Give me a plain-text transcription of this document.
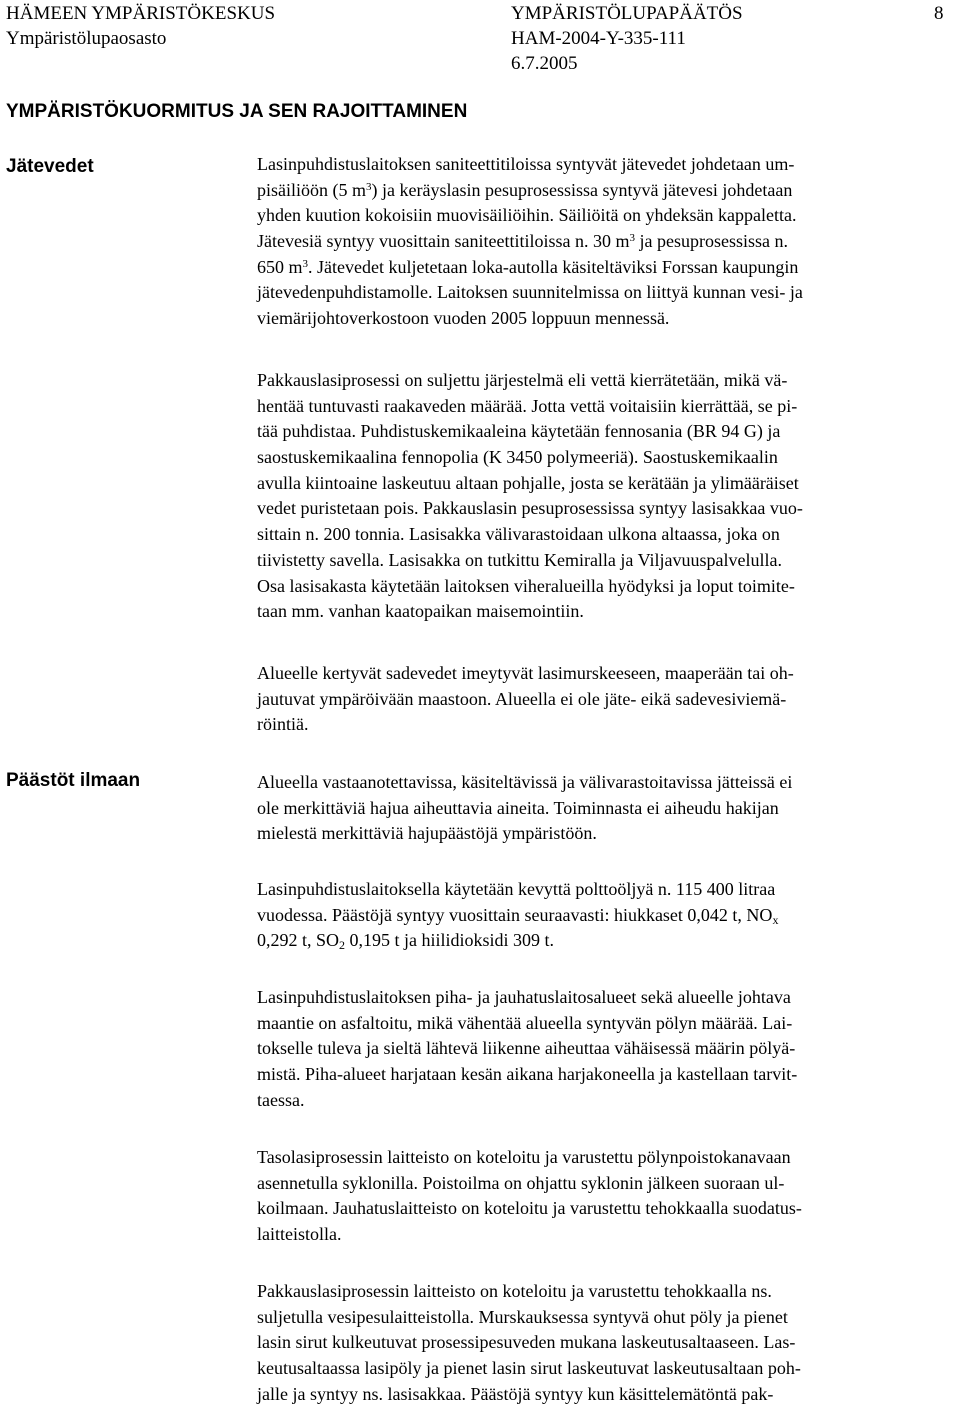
HÄMEEN YMPÄRISTÖKESKUS
Ympäristölupaosasto
YMPÄRISTÖLUPAPÄÄTÖS
HAM-2004-Y-335-111
6.7.2005
8
YMPÄRISTÖKUORMITUS JA SEN RAJOITTAMINEN
Jätevedet
Päästöt ilmaan
Lasinpuhdistuslaitoksen saniteettitiloissa syntyvät jätevedet johdetaan um-
pisäiliöön (5 $m^3$) ja keräyslasin pesuprosessissa syntyvä jätevesi johdetaan
yhden kuution kokoisiin muovisäiliöihin. Säiliöitä on yhdeksän kappaletta.
Jätevesiä syntyy vuosittain saniteettitiloissa n. 30 $m^3$ ja pesuprosessissa n.
650 $m^3$. Jätevedet kuljetetaan loka-autolla käsiteltäviksi Forssan kaupungin
jätevedenpuhdistamolle. Laitoksen suunnitelmissa on liittyä kunnan vesi- ja
viemärijohtoverkostoon vuoden 2005 loppuun mennessä.
Pakkauslasiprosessi on suljettu järjestelmä eli vettä kierrätetään, mikä vä-
hentää tuntuvasti raakaveden määrää. Jotta vettä voitaisiin kierrättää, se pi-
tää puhdistaa. Puhdistuskemikaaleina käytetään fennosania (BR 94 G) ja
saostuskemikaalina fennopolia (K 3450 polymeeriä). Saostuskemikaalin
avulla kiintoaine laskeutuu altaan pohjalle, josta se kerätään ja ylimääräiset
vedet puristetaan pois. Pakkauslasin pesuprosessissa syntyy lasisakkaa vuo-
sittain n. 200 tonnia. Lasisakka välivarastoidaan ulkona altaassa, joka on
tiivistetty savella. Lasisakka on tutkittu Kemiralla ja Viljavuuspalvelulla.
Osa lasisakasta käytetään laitoksen viheralueilla hyödyksi ja loput toimite-
taan mm. vanhan kaatopaikan maisemointiin.
Alueelle kertyvät sadevedet imeytyvät lasimurskeeseen, maaperään tai oh-
jautuvat ympäröivään maastoon. Alueella ei ole jäte- eikä sadevesiviemä-
röintiä.
Alueella vastaanotettavissa, käsiteltävissä ja välivarastoitavissa jätteissä ei
ole merkittäviä hajua aiheuttavia aineita. Toiminnasta ei aiheudu hakijan
mielestä merkittäviä hajupäästöjä ympäristöön.
Lasinpuhdistuslaitoksella käytetään kevyttä polttoöljyä n. 115 400 litraa
vuodessa. Päästöjä syntyy vuosittain seuraavasti: hiukkaset 0,042 t, $NO_x$
0,292 t, $SO_2$ 0,195 t ja hiilidioksidi 309 t.
Lasinpuhdistuslaitoksen piha- ja jauhatuslaitosalueet sekä alueelle johtava
maantie on asfaltoitu, mikä vähentää alueella syntyvän pölyn määrää. Lai-
tokselle tuleva ja sieltä lähtevä liikenne aiheuttaa vähäisessä määrin pölyä-
mistä. Piha-alueet harjataan kesän aikana harjakoneella ja kastellaan tarvit-
taessa.
Tasolasiprosessin laitteisto on koteloitu ja varustettu pölynpoistokanavaan
asennetulla syklonilla. Poistoilma on ohjattu syklonin jälkeen suoraan ul-
koilmaan. Jauhatuslaitteisto on koteloitu ja varustettu tehokkaalla suodatus-
laitteistolla.
Pakkauslasiprosessin laitteisto on koteloitu ja varustettu tehokkaalla ns.
suljetulla vesipesulaitteistolla. Murskauksessa syntyvä ohut pöly ja pienet
lasin sirut kulkeutuvat prosessipesuveden mukana laskeutusaltaaseen. Las-
keutusaltaassa lasipöly ja pienet lasin sirut laskeutuvat laskeutusaltaan poh-
jalle ja syntyy ns. lasisakkaa. Päästöjä syntyy kun käsittelemätöntä pak-
